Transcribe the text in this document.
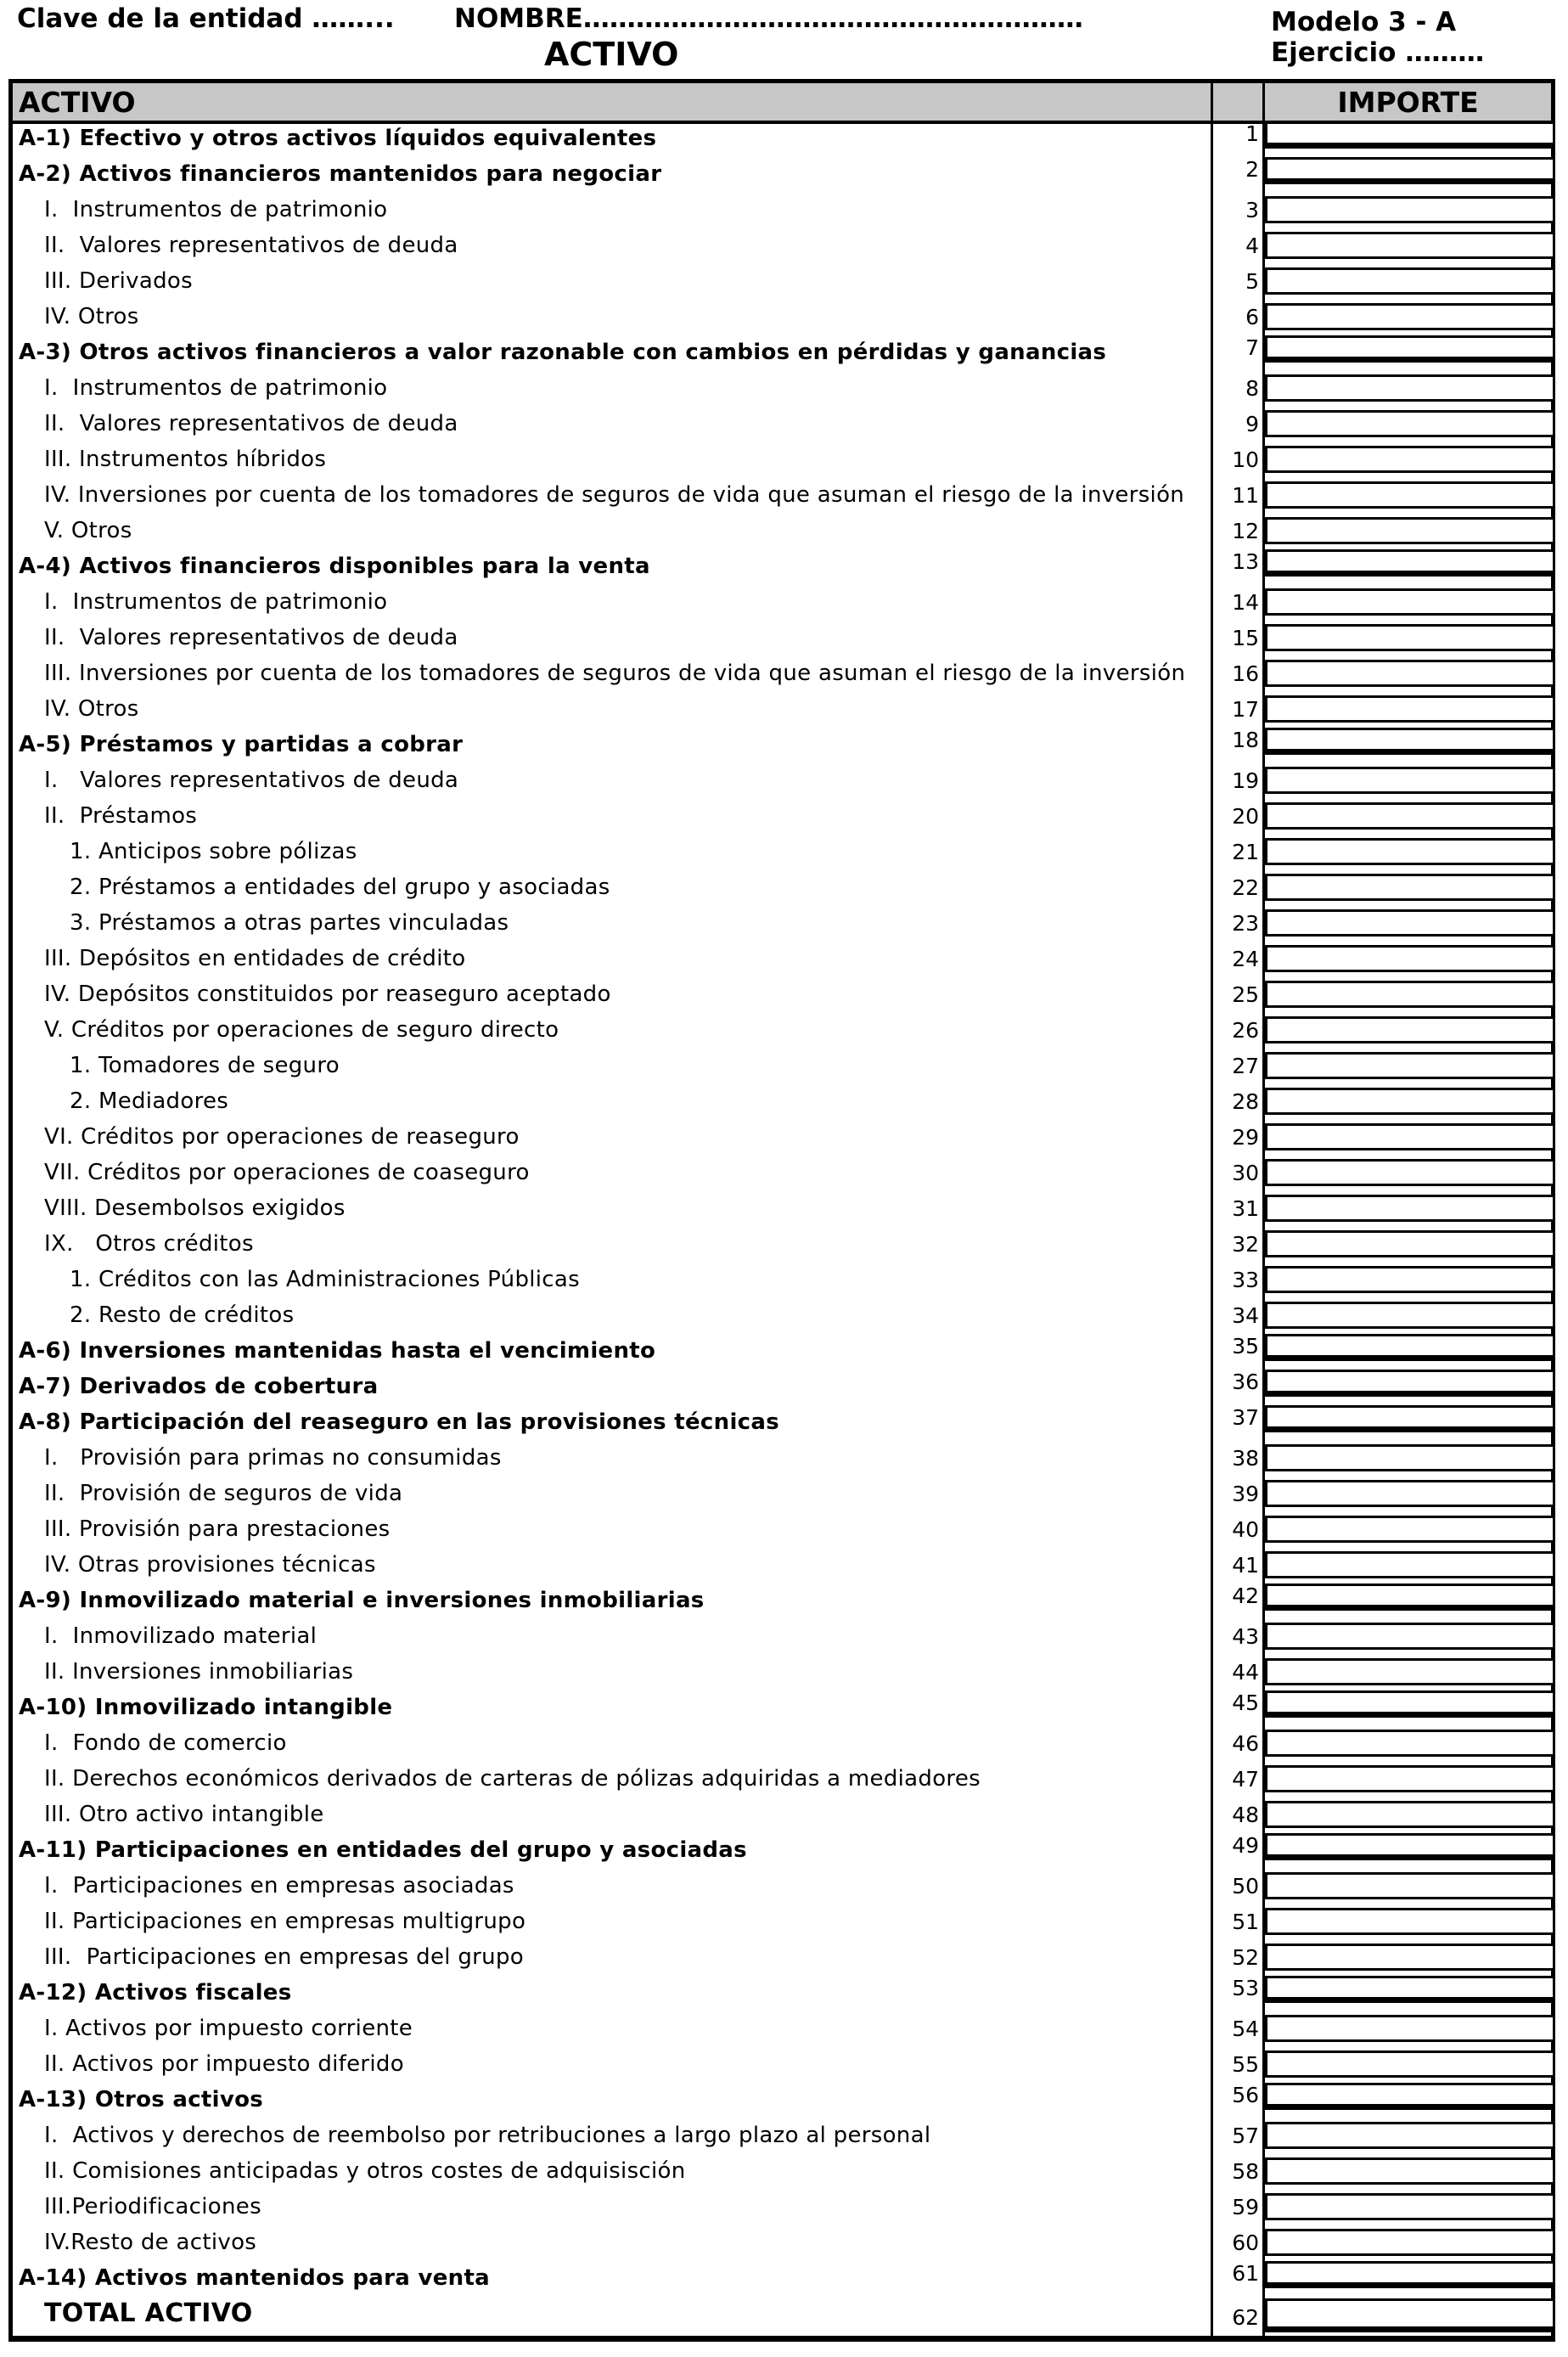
Clave de la entidad ……... NOMBRE…………………………………………………	Modelo 3 - A
Ejercicio ………
ACTIVO
ACTIVO	IMPORTE
A-1) Efectivo y otros activos líquidos equivalentes	1
A-2) Activos financieros mantenidos para negociar	2
I.  Instrumentos de patrimonio	3
II.  Valores representativos de deuda	4
III. Derivados	5
IV. Otros	6
A-3) Otros activos financieros a valor razonable con cambios en pérdidas y ganancias	7
I.  Instrumentos de patrimonio	8
II.  Valores representativos de deuda	9
III. Instrumentos híbridos	10
IV. Inversiones por cuenta de los tomadores de seguros de vida que asuman el riesgo de la inversión	11
V. Otros	12
A-4) Activos financieros disponibles para la venta	13
I.  Instrumentos de patrimonio	14
II.  Valores representativos de deuda	15
III. Inversiones por cuenta de los tomadores de seguros de vida que asuman el riesgo de la inversión	16
IV. Otros	17
A-5) Préstamos y partidas a cobrar	18
I.   Valores representativos de deuda	19
II.  Préstamos	20
1. Anticipos sobre pólizas	21
2. Préstamos a entidades del grupo y asociadas	22
3. Préstamos a otras partes vinculadas	23
III. Depósitos en entidades de crédito	24
IV. Depósitos constituidos por reaseguro aceptado	25
V. Créditos por operaciones de seguro directo	26
1. Tomadores de seguro	27
2. Mediadores	28
VI. Créditos por operaciones de reaseguro	29
VII. Créditos por operaciones de coaseguro	30
VIII. Desembolsos exigidos	31
IX.   Otros créditos	32
1. Créditos con las Administraciones Públicas	33
2. Resto de créditos	34
A-6) Inversiones mantenidas hasta el vencimiento	35
A-7) Derivados de cobertura	36
A-8) Participación del reaseguro en las provisiones técnicas	37
I.   Provisión para primas no consumidas	38
II.  Provisión de seguros de vida	39
III. Provisión para prestaciones	40
IV. Otras provisiones técnicas	41
A-9) Inmovilizado material e inversiones inmobiliarias	42
I.  Inmovilizado material	43
II. Inversiones inmobiliarias	44
A-10) Inmovilizado intangible	45
I.  Fondo de comercio	46
II. Derechos económicos derivados de carteras de pólizas adquiridas a mediadores	47
III. Otro activo intangible	48
A-11) Participaciones en entidades del grupo y asociadas	49
I.  Participaciones en empresas asociadas	50
II. Participaciones en empresas multigrupo	51
III.  Participaciones en empresas del grupo	52
A-12) Activos fiscales	53
I. Activos por impuesto corriente	54
II. Activos por impuesto diferido	55
A-13) Otros activos	56
I.  Activos y derechos de reembolso por retribuciones a largo plazo al personal	57
II. Comisiones anticipadas y otros costes de adquisisción	58
III.Periodificaciones	59
IV.Resto de activos	60
A-14) Activos mantenidos para venta	61
TOTAL ACTIVO	62
